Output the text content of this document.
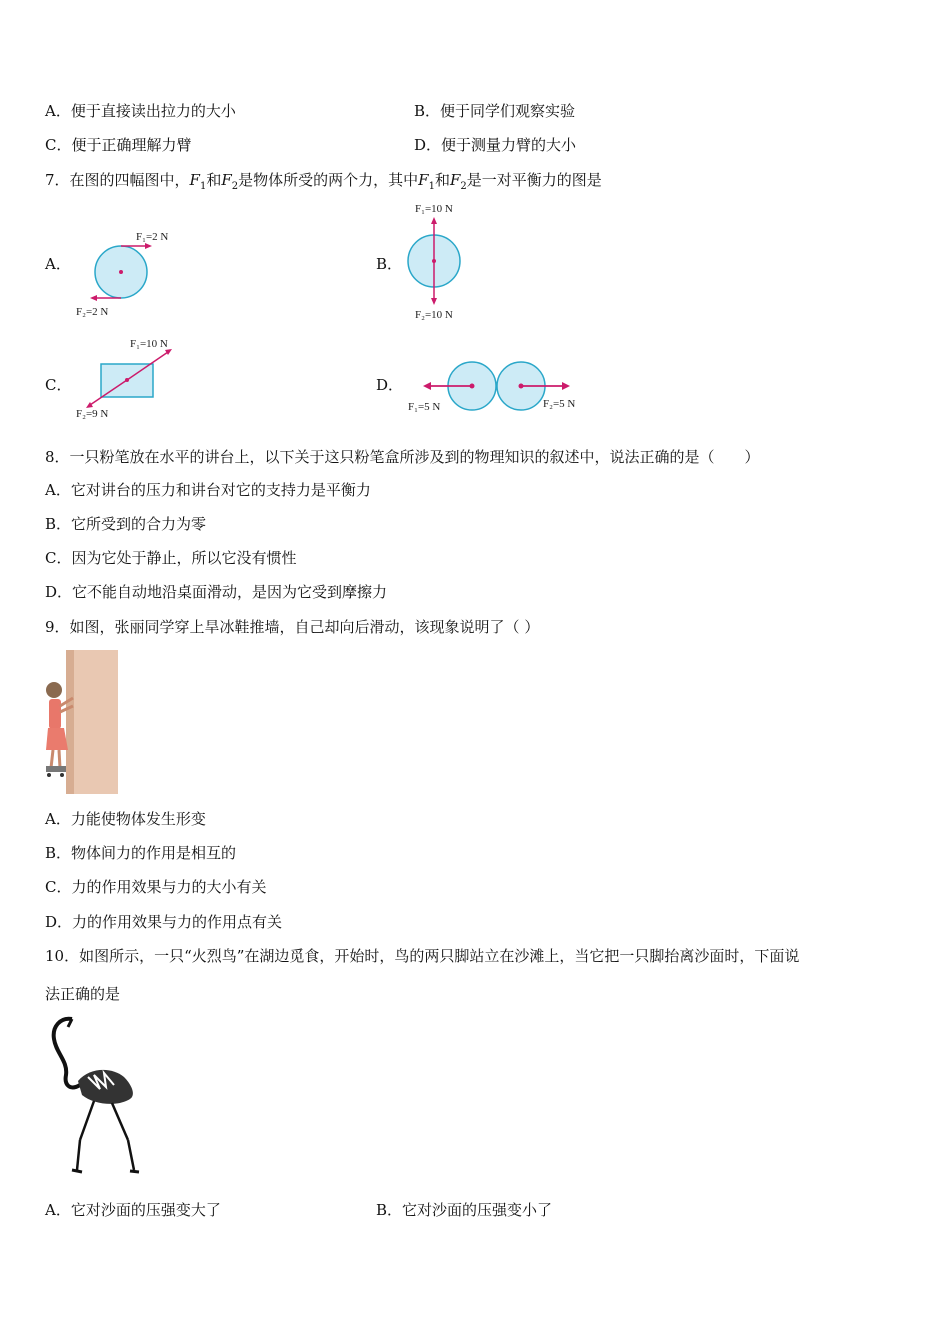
A．便于直接读出拉力的大小	B．便于同学们观察实验
C．便于正确理解力臂	D．便于测量力臂的大小
7．在图的四幅图中，$F_1$和$F_2$是物体所受的两个力，其中$F_1$和$F_2$是一对平衡力的图是
A．	B．
C．	D．
F₁=2 N
F₂=2 N
F₁=10 N
F₂=10 N
F₁=10 N
F₂=9 N
F₁=5 N	F₂=5 N
8．一只粉笔放在水平的讲台上，以下关于这只粉笔盒所涉及到的物理知识的叙述中，说法正确的是（　　）
A．它对讲台的压力和讲台对它的支持力是平衡力
B．它所受到的合力为零
C．因为它处于静止，所以它没有惯性
D．它不能自动地沿桌面滑动，是因为它受到摩擦力
9．如图，张丽同学穿上旱冰鞋推墙，自己却向后滑动，该现象说明了（ ）
A．力能使物体发生形变
B．物体间力的作用是相互的
C．力的作用效果与力的大小有关
D．力的作用效果与力的作用点有关
10．如图所示，一只“火烈鸟”在湖边觅食，开始时，鸟的两只脚站立在沙滩上，当它把一只脚抬离沙面时，下面说
法正确的是
A．它对沙面的压强变大了	B．它对沙面的压强变小了
